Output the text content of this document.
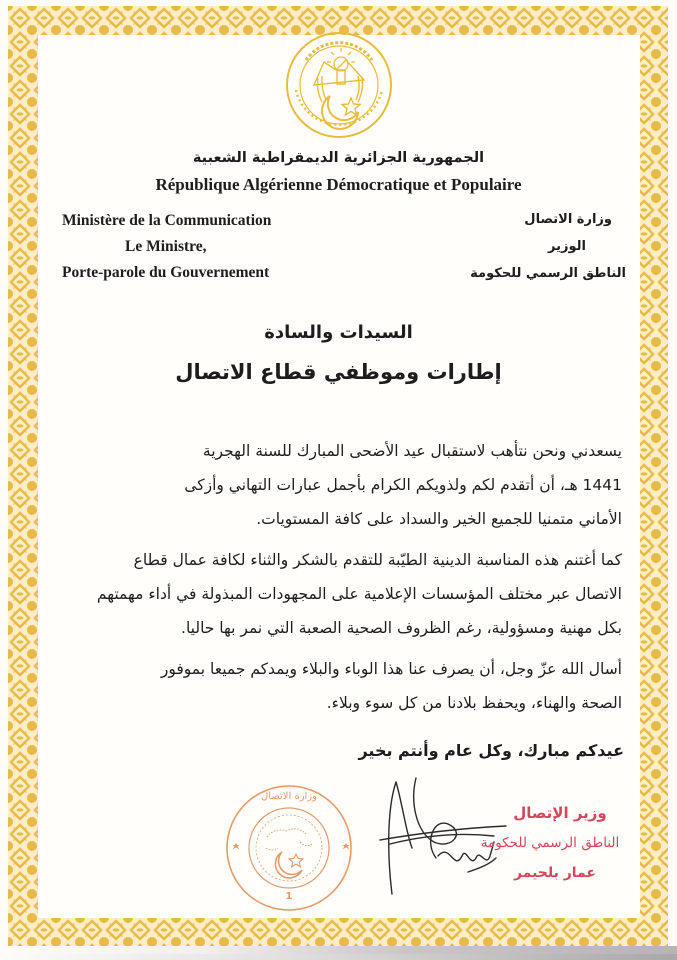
الجمهورية الجزائرية الديمقراطية الشعبية
République Algérienne Démocratique et Populaire
Ministère de la Communication
Le Ministre,
Porte-parole du Gouvernement
وزارة الاتصال
الوزير
الناطق الرسمي للحكومة
السيدات والسادة
إطارات وموظفي قطاع الاتصال
يسعدني ونحن نتأهب لاستقبال عيد الأضحى المبارك للسنة الهجرية
1441 هـ، أن أتقدم لكم ولذويكم الكرام بأجمل عبارات التهاني وأزكى
الأماني متمنيا للجميع الخير والسداد على كافة المستويات.
كما أغتنم هذه المناسبة الدينية الطيّبة للتقدم بالشكر والثناء لكافة عمال قطاع
الاتصال عبر مختلف المؤسسات الإعلامية على المجهودات المبذولة في أداء مهمتهم
بكل مهنية ومسؤولية، رغم الظروف الصحية الصعبة التي نمر بها حاليا.
أسال الله عزّ وجل، أن يصرف عنا هذا الوباء والبلاء ويمدكم جميعا بموفور
الصحة والهناء، ويحفظ بلادنا من كل سوء وبلاء.
عيدكم مبارك، وكل عام وأنتم بخير
وزارة الاتصال
1
وزير الإتصال
الناطق الرسمي للحكومة
عمار بلحيمر
